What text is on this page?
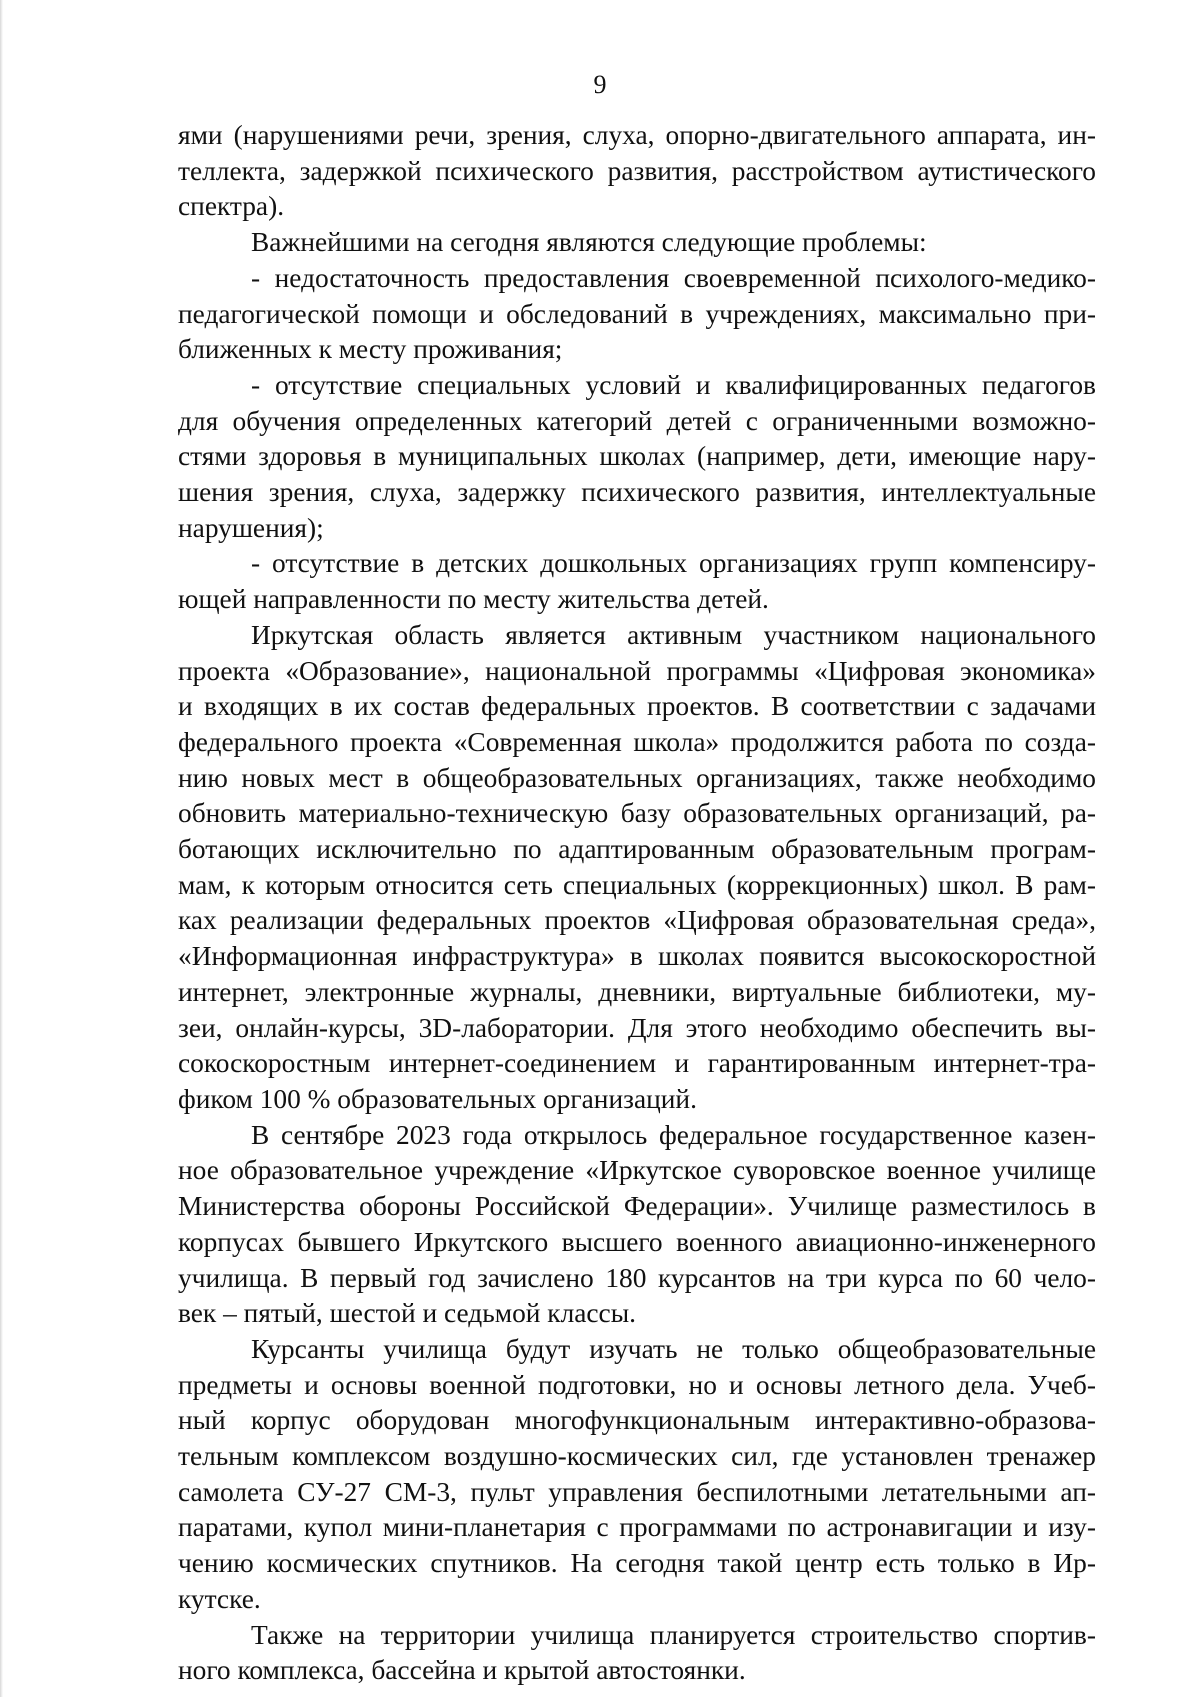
9
ями (нарушениями речи, зрения, слуха, опорно-двигательного аппарата, ин-
теллекта, задержкой психического развития, расстройством аутистического
спектра).
Важнейшими на сегодня являются следующие проблемы:
- недостаточность предоставления своевременной психолого-медико-
педагогической помощи и обследований в учреждениях, максимально при-
ближенных к месту проживания;
- отсутствие специальных условий и квалифицированных педагогов
для обучения определенных категорий детей с ограниченными возможно-
стями здоровья в муниципальных школах (например, дети, имеющие нару-
шения зрения, слуха, задержку психического развития, интеллектуальные
нарушения);
- отсутствие в детских дошкольных организациях групп компенсиру-
ющей направленности по месту жительства детей.
Иркутская область является активным участником национального
проекта «Образование», национальной программы «Цифровая экономика»
и входящих в их состав федеральных проектов. В соответствии с задачами
федерального проекта «Современная школа» продолжится работа по созда-
нию новых мест в общеобразовательных организациях, также необходимо
обновить материально-техническую базу образовательных организаций, ра-
ботающих исключительно по адаптированным образовательным програм-
мам, к которым относится сеть специальных (коррекционных) школ. В рам-
ках реализации федеральных проектов «Цифровая образовательная среда»,
«Информационная инфраструктура» в школах появится высокоскоростной
интернет, электронные журналы, дневники, виртуальные библиотеки, му-
зеи, онлайн-курсы, 3D-лаборатории. Для этого необходимо обеспечить вы-
сокоскоростным интернет-соединением и гарантированным интернет-тра-
фиком 100 % образовательных организаций.
В сентябре 2023 года открылось федеральное государственное казен-
ное образовательное учреждение «Иркутское суворовское военное училище
Министерства обороны Российской Федерации». Училище разместилось в
корпусах бывшего Иркутского высшего военного авиационно-инженерного
училища. В первый год зачислено 180 курсантов на три курса по 60 чело-
век – пятый, шестой и седьмой классы.
Курсанты училища будут изучать не только общеобразовательные
предметы и основы военной подготовки, но и основы летного дела. Учеб-
ный корпус оборудован многофункциональным интерактивно-образова-
тельным комплексом воздушно-космических сил, где установлен тренажер
самолета СУ-27 СМ-3, пульт управления беспилотными летательными ап-
паратами, купол мини-планетария с программами по астронавигации и изу-
чению космических спутников. На сегодня такой центр есть только в Ир-
кутске.
Также на территории училища планируется строительство спортив-
ного комплекса, бассейна и крытой автостоянки.
